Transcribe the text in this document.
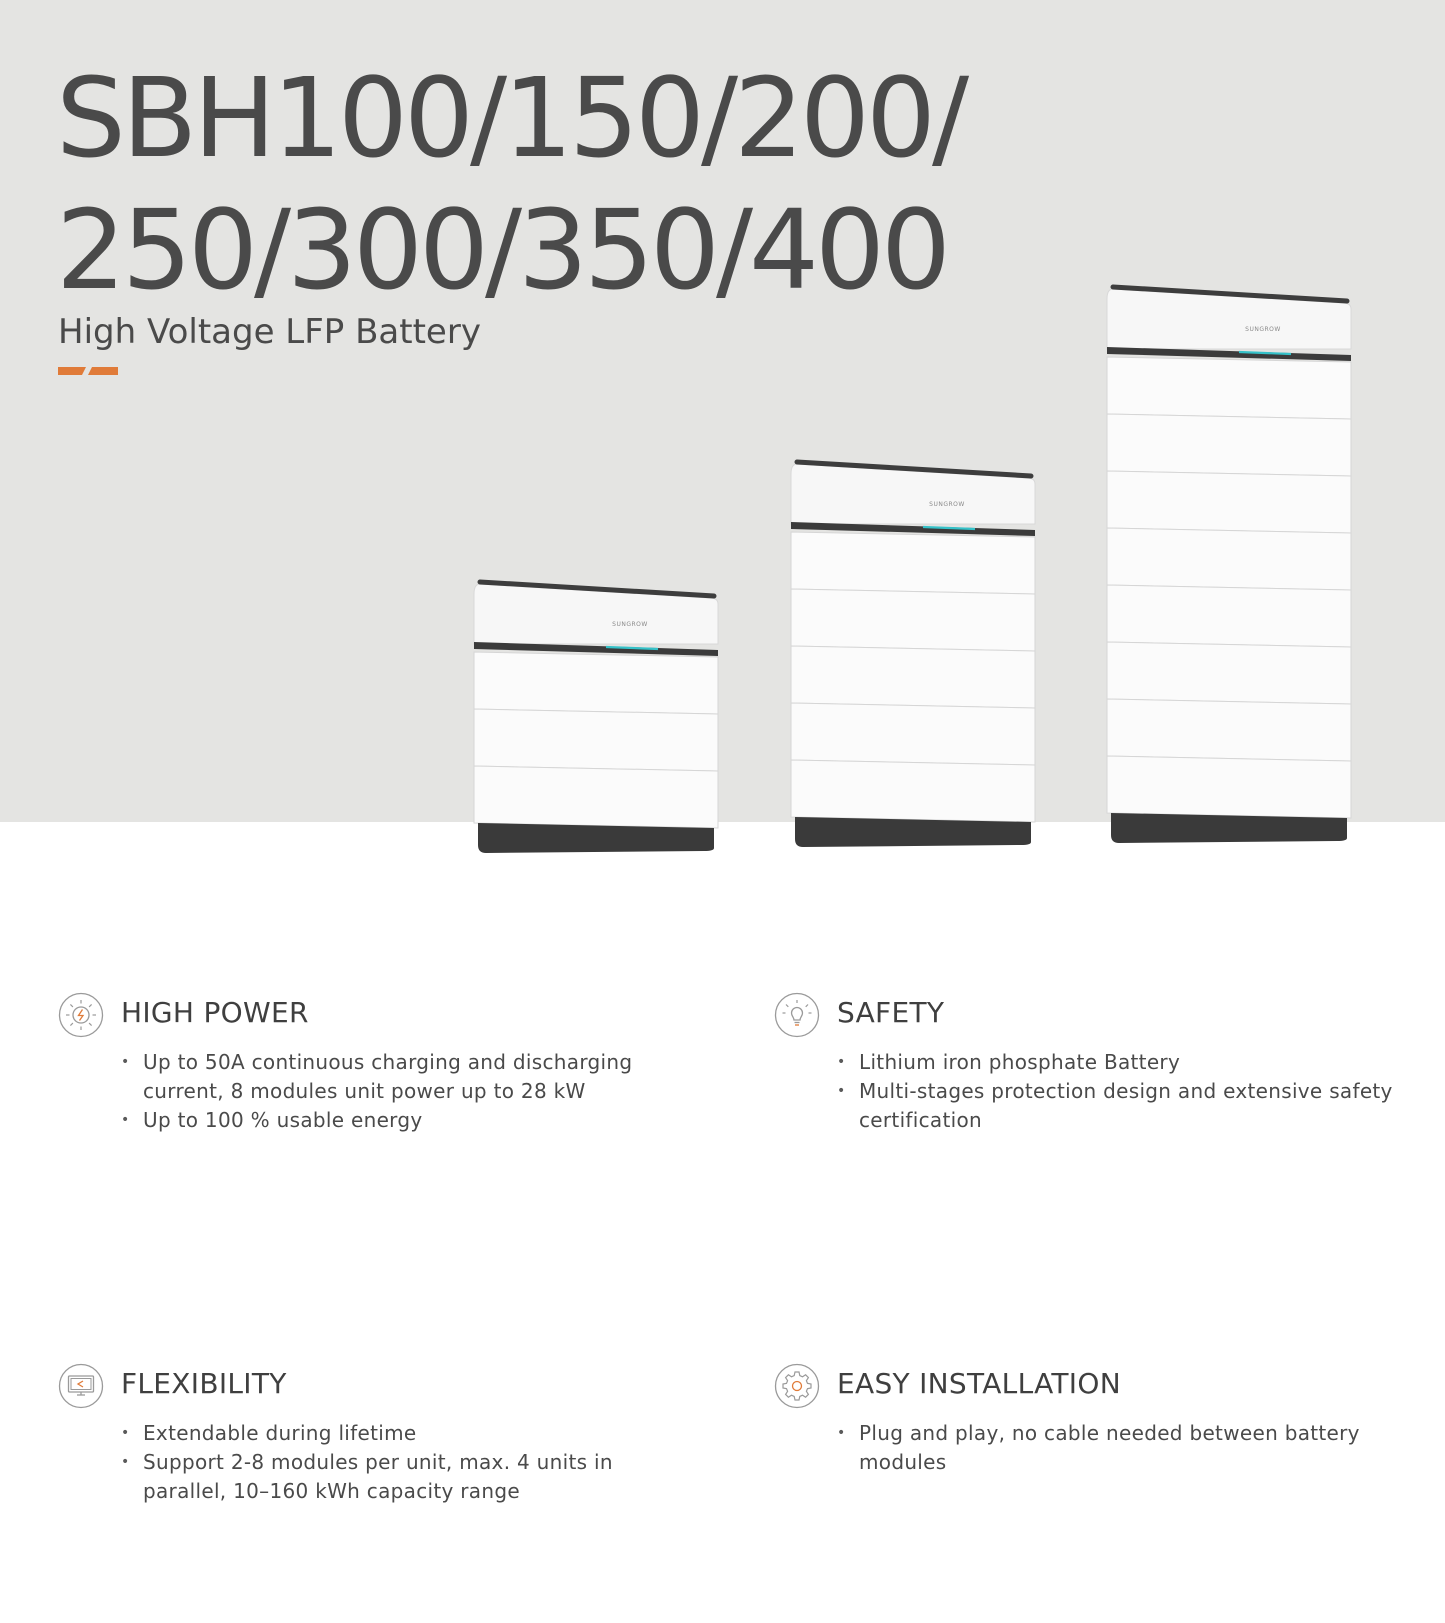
SBH100/150/200/
250/300/350/400
High Voltage LFP Battery
SUNGROW
SUNGROW
SUNGROW
HIGH POWER
• Up to 50A continuous charging and discharging current, 8 modules unit power up to 28 kW
• Up to 100 % usable energy
SAFETY
• Lithium iron phosphate Battery
• Multi-stages protection design and extensive safety certification
FLEXIBILITY
• Extendable during lifetime
• Support 2-8 modules per unit, max. 4 units in parallel, 10–160 kWh capacity range
EASY INSTALLATION
• Plug and play, no cable needed between battery modules
